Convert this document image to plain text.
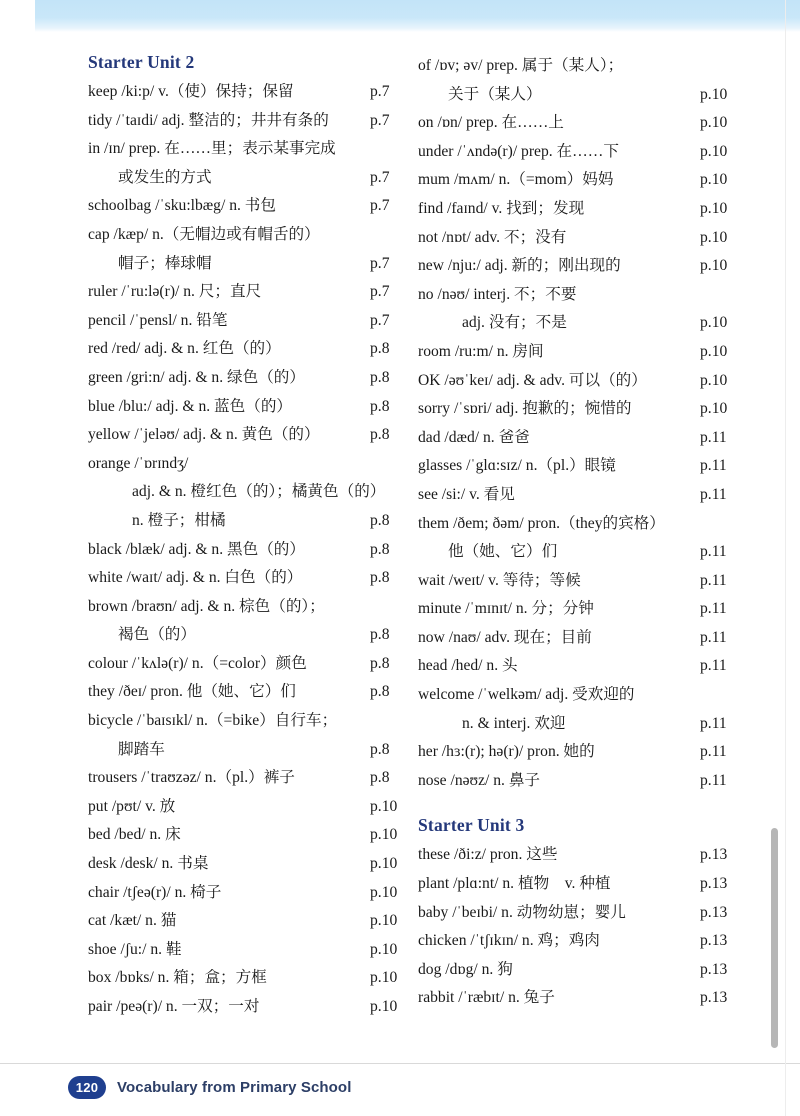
Starter Unit 2
keep /ki:p/ v.（使）保持；保留	p.7
tidy /ˈtaɪdi/ adj. 整洁的；井井有条的	p.7
in /ɪn/ prep. 在……里；表示某事完成
或发生的方式	p.7
schoolbag /ˈsku:lbæg/ n. 书包	p.7
cap /kæp/ n.（无帽边或有帽舌的）
帽子；棒球帽	p.7
ruler /ˈru:lə(r)/ n. 尺；直尺	p.7
pencil /ˈpensl/ n. 铅笔	p.7
red /red/ adj. & n. 红色（的）	p.8
green /gri:n/ adj. & n. 绿色（的）	p.8
blue /blu:/ adj. & n. 蓝色（的）	p.8
yellow /ˈjeləʊ/ adj. & n. 黄色（的）	p.8
orange /ˈɒrɪndʒ/
adj. & n. 橙红色（的）；橘黄色（的）
n. 橙子；柑橘	p.8
black /blæk/ adj. & n. 黑色（的）	p.8
white /waɪt/ adj. & n. 白色（的）	p.8
brown /braʊn/ adj. & n. 棕色（的）；
褐色（的）	p.8
colour /ˈkʌlə(r)/ n.（=color）颜色	p.8
they /ðeɪ/ pron. 他（她、它）们	p.8
bicycle /ˈbaɪsɪkl/ n.（=bike）自行车；
脚踏车	p.8
trousers /ˈtraʊzəz/ n.（pl.）裤子	p.8
put /pʊt/ v. 放	p.10
bed /bed/ n. 床	p.10
desk /desk/ n. 书桌	p.10
chair /tʃeə(r)/ n. 椅子	p.10
cat /kæt/ n. 猫	p.10
shoe /ʃu:/ n. 鞋	p.10
box /bɒks/ n. 箱；盒；方框	p.10
pair /peə(r)/ n. 一双；一对	p.10
of /ɒv; əv/ prep. 属于（某人）；
关于（某人）	p.10
on /ɒn/ prep. 在……上	p.10
under /ˈʌndə(r)/ prep. 在……下	p.10
mum /mʌm/ n.（=mom）妈妈	p.10
find /faɪnd/ v. 找到；发现	p.10
not /nɒt/ adv. 不；没有	p.10
new /nju:/ adj. 新的；刚出现的	p.10
no /nəʊ/ interj. 不；不要
adj. 没有；不是	p.10
room /ru:m/ n. 房间	p.10
OK /əʊˈkeɪ/ adj. & adv. 可以（的）	p.10
sorry /ˈsɒri/ adj. 抱歉的；惋惜的	p.10
dad /dæd/ n. 爸爸	p.11
glasses /ˈglɑ:sɪz/ n.（pl.）眼镜	p.11
see /si:/ v. 看见	p.11
them /ðem; ðəm/ pron.（they的宾格）
他（她、它）们	p.11
wait /weɪt/ v. 等待；等候	p.11
minute /ˈmɪnɪt/ n. 分；分钟	p.11
now /naʊ/ adv. 现在；目前	p.11
head /hed/ n. 头	p.11
welcome /ˈwelkəm/ adj. 受欢迎的
n. & interj. 欢迎	p.11
her /hɜ:(r); hə(r)/ pron. 她的	p.11
nose /nəʊz/ n. 鼻子	p.11
Starter Unit 3
these /ði:z/ pron. 这些	p.13
plant /plɑ:nt/ n. 植物　v. 种植	p.13
baby /ˈbeɪbi/ n. 动物幼崽；婴儿	p.13
chicken /ˈtʃɪkɪn/ n. 鸡；鸡肉	p.13
dog /dɒg/ n. 狗	p.13
rabbit /ˈræbɪt/ n. 兔子	p.13
120	Vocabulary from Primary School
